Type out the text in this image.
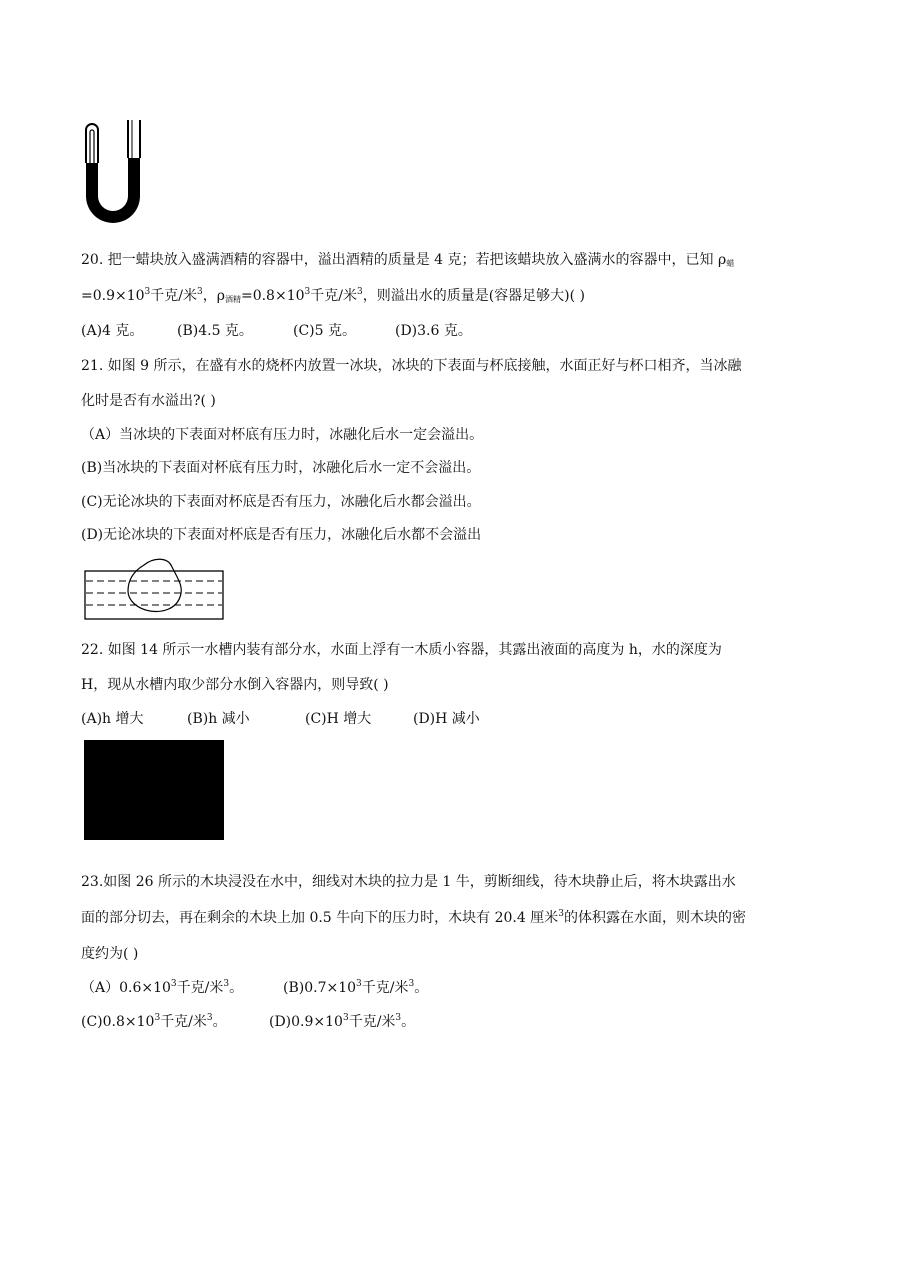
20. 把一蜡块放入盛满酒精的容器中，溢出酒精的质量是 4 克；若把该蜡块放入盛满水的容器中，已知 $\rho_蜡$
$=0.9\times 10^3$千克/米$^3$，$\rho_{酒精}=0.8\times 10^3$千克/米$^3$，则溢出水的质量是(容器足够大)( )
(A)4 克。 (B)4.5 克。	(C)5 克。	(D)3.6 克。
21. 如图 9 所示，在盛有水的烧杯内放置一冰块，冰块的下表面与杯底接触，水面正好与杯口相齐，当冰融
化时是否有水溢出?( )
（A）当冰块的下表面对杯底有压力时，冰融化后水一定会溢出。
(B)当冰块的下表面对杯底有压力时，冰融化后水一定不会溢出。
(C)无论冰块的下表面对杯底是否有压力，冰融化后水都会溢出。
(D)无论冰块的下表面对杯底是否有压力，冰融化后水都不会溢出
22. 如图 14 所示一水槽内装有部分水，水面上浮有一木质小容器，其露出液面的高度为 h，水的深度为
H，现从水槽内取少部分水倒入容器内，则导致( )
(A)h 增大	(B)h 减小	(C)H 增大	(D)H 减小
23.如图 26 所示的木块浸没在水中，细线对木块的拉力是 1 牛，剪断细线，待木块静止后，将木块露出水
面的部分切去，再在剩余的木块上加 0.5 牛向下的压力时，木块有 20.4 厘米$^3$的体积露在水面，则木块的密
度约为( )
$(A)0.6\times 10^3$千克/米$^3$。	$(B)0.7\times 10^3$千克/米$^3$。
$(C)0.8\times 10^3$千克/米$^3$。	$(D)0.9\times 10^3$千克/米$^3$。
